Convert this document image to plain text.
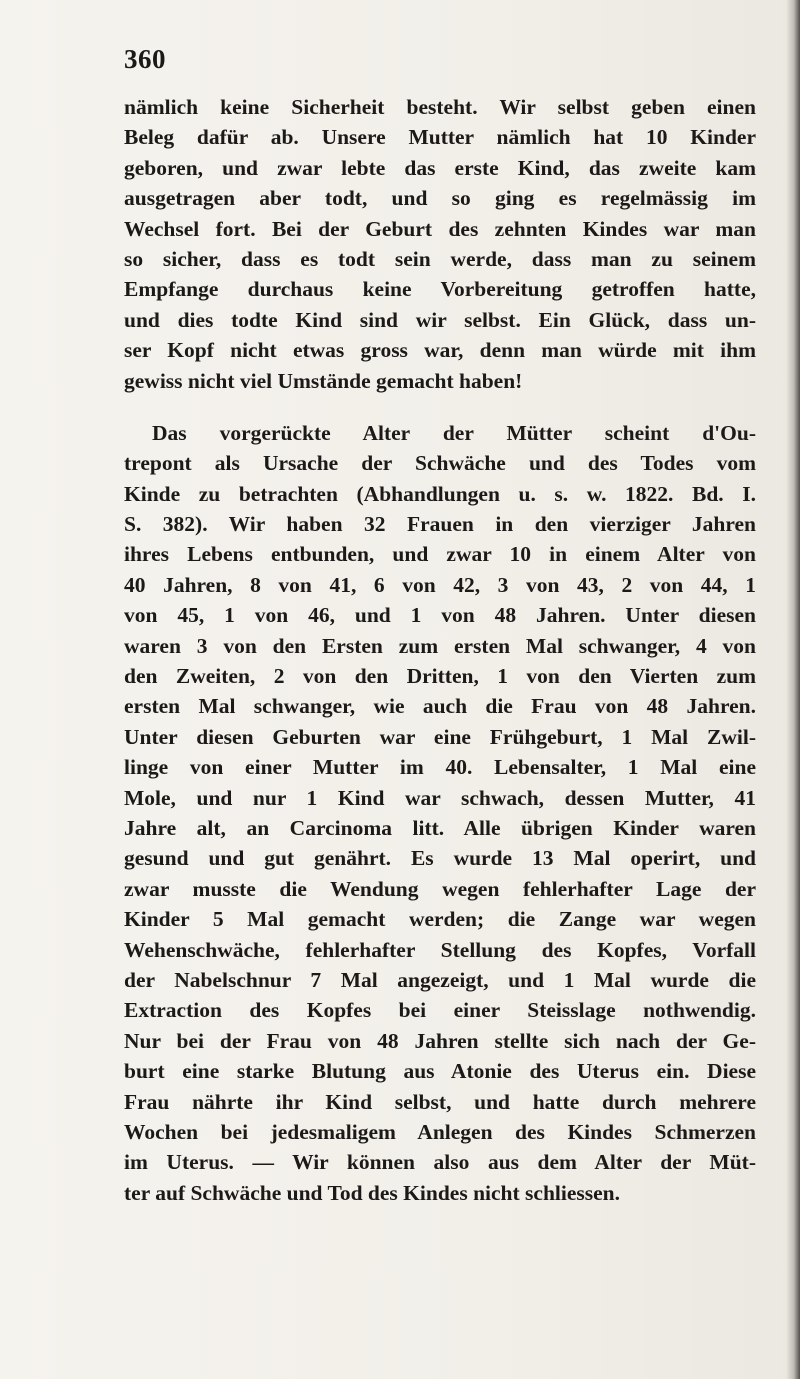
360
nämlich keine Sicherheit besteht. Wir selbst geben einen
Beleg dafür ab. Unsere Mutter nämlich hat 10 Kinder
geboren, und zwar lebte das erste Kind, das zweite kam
ausgetragen aber todt, und so ging es regelmässig im
Wechsel fort. Bei der Geburt des zehnten Kindes war man
so sicher, dass es todt sein werde, dass man zu seinem
Empfange durchaus keine Vorbereitung getroffen hatte,
und dies todte Kind sind wir selbst. Ein Glück, dass un-
ser Kopf nicht etwas gross war, denn man würde mit ihm
gewiss nicht viel Umstände gemacht haben!
Das vorgerückte Alter der Mütter scheint d'Ou-
trepont als Ursache der Schwäche und des Todes vom
Kinde zu betrachten (Abhandlungen u. s. w. 1822. Bd. I.
S. 382). Wir haben 32 Frauen in den vierziger Jahren
ihres Lebens entbunden, und zwar 10 in einem Alter von
40 Jahren, 8 von 41, 6 von 42, 3 von 43, 2 von 44, 1
von 45, 1 von 46, und 1 von 48 Jahren. Unter diesen
waren 3 von den Ersten zum ersten Mal schwanger, 4 von
den Zweiten, 2 von den Dritten, 1 von den Vierten zum
ersten Mal schwanger, wie auch die Frau von 48 Jahren.
Unter diesen Geburten war eine Frühgeburt, 1 Mal Zwil-
linge von einer Mutter im 40. Lebensalter, 1 Mal eine
Mole, und nur 1 Kind war schwach, dessen Mutter, 41
Jahre alt, an Carcinoma litt. Alle übrigen Kinder waren
gesund und gut genährt. Es wurde 13 Mal operirt, und
zwar musste die Wendung wegen fehlerhafter Lage der
Kinder 5 Mal gemacht werden; die Zange war wegen
Wehenschwäche, fehlerhafter Stellung des Kopfes, Vorfall
der Nabelschnur 7 Mal angezeigt, und 1 Mal wurde die
Extraction des Kopfes bei einer Steisslage nothwendig.
Nur bei der Frau von 48 Jahren stellte sich nach der Ge-
burt eine starke Blutung aus Atonie des Uterus ein. Diese
Frau nährte ihr Kind selbst, und hatte durch mehrere
Wochen bei jedesmaligem Anlegen des Kindes Schmerzen
im Uterus. — Wir können also aus dem Alter der Müt-
ter auf Schwäche und Tod des Kindes nicht schliessen.
